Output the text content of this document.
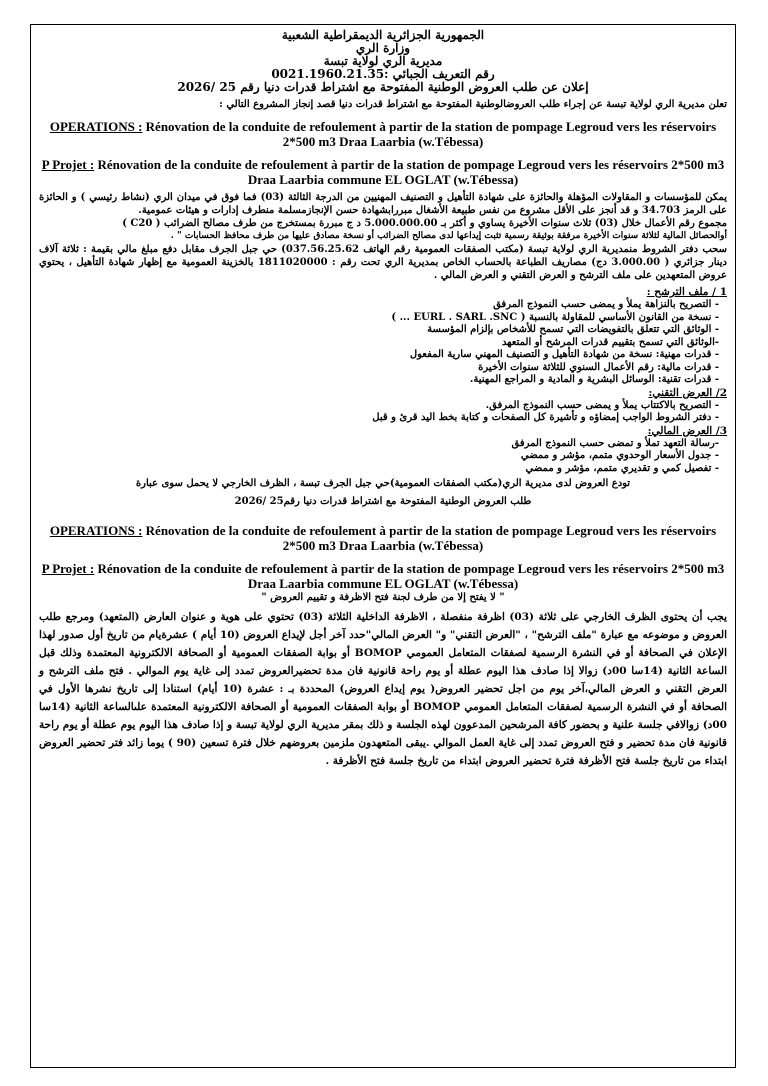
الجمهورية الجزائرية الديمقراطية الشعبية
وزارة الري
مديرية الري لولاية تبسة
رقم التعريف الجبائي :0021.1960.21.35
إعلان عن طلب العروض الوطنية المفتوحة مع اشتراط قدرات دنيا رقم 25 /2026

تعلن مديرية الري لولاية تبسة عن إجراء طلب العروضالوطنية المفتوحة مع اشتراط قدرات دنيا قصد إنجاز المشروع التالي :

OPERATIONS : Rénovation de la conduite de refoulement à partir de la station de pompage Legroud vers les réservoirs 2*500 m3 Draa Laarbia (w.Tébessa)

P Projet : Rénovation de la conduite de refoulement à partir de la station de pompage Legroud vers les réservoirs 2*500 m3 Draa Laarbia commune EL OGLAT (w.Tébessa)

يمكن للمؤسسات و المقاولات المؤهلة والحائزة على شهادة التأهيل و التصنيف المهنيين من الدرجة الثالثة (03) فما فوق في ميدان الري (نشاط رئيسي ) و الحائزة على الرمز 34.703 و قد أنجز على الأقل مشروع من نفس طبيعة الأشغال مبررابشهادة حسن الإنجازمسلمة منطرف إدارات و هيئات عمومية.

مجموع رقم الأعمال خلال (03) ثلاث سنوات الأخيرة يساوي و أكثر بـ 5.000.000.00 د ج مبررة بمستخرج من طرف مصالح الضرائب ( C20 )

أوالحصائل المالية لثلاثة سنوات الأخيرة مرفقة بوثيقة رسمية تثبت إيداعها لدى مصالح الضرائب أو نسخة مصادق عليها من طرف محافظ الحسابات " .

سحب دفتر الشروط منمديرية الري لولاية تبسة (مكتب الصفقات العمومية رقم الهاتف 037.56.25.62) حي جبل الجرف مقابل دفع مبلغ مالي بقيمة : ثلاثة آلاف دينار جزائري ( 3.000.00 دج) مصاريف الطباعة بالحساب الخاص بمديرية الري تحت رقم : 1811020000 بالخزينة العمومية مع إظهار شهادة التأهيل ، يحتوي عروض المتعهدين على ملف الترشح و العرض التقني و العرض المالي .

1 / ملف الترشح :

- التصريح بالنزاهة يملأ و يمضى حسب النموذج المرفق
- نسخة من القانون الأساسي للمقاولة بالنسبة ( EURL . SARL .SNC ... )
- الوثائق التي تتعلق بالتفويضات التي تسمح للأشخاص بإلزام المؤسسة
-الوثائق التي تسمح بتقييم قدرات المرشح أو المتعهد
- قدرات مهنية: نسخة من شهادة التأهيل و التصنيف المهني سارية المفعول
- قدرات مالية: رقم الأعمال السنوي للثلاثة سنوات الأخيرة
- قدرات تقنية: الوسائل البشرية و المادية و المراجع المهنية.

2/ العرض التقني:

- التصريح بالاكتتاب يملأ و يمضى حسب النموذج المرفق.
- دفتر الشروط الواجب إمضاؤه و تأشيرة كل الصفحات و كتابة بخط اليد قرئ و قبل

3/ العرض المالي:

-رسالة التعهد تملأ و تمضى حسب النموذج المرفق
- جدول الأسعار الوحدوي متمم، مؤشر و ممضي
- تفصيل كمي و تقديري متمم، مؤشر و ممضي

تودع العروض لدى مديرية الري(مكتب الصفقات العمومية)حي جبل الجرف تبسة ، الظرف الخارجي لا يحمل سوى عبارة

طلب العروض الوطنية المفتوحة مع اشتراط قدرات دنيا رقم25 /2026

OPERATIONS : Rénovation de la conduite de refoulement à partir de la station de pompage Legroud vers les réservoirs 2*500 m3 Draa Laarbia (w.Tébessa)

P Projet : Rénovation de la conduite de refoulement à partir de la station de pompage Legroud vers les réservoirs 2*500 m3 Draa Laarbia commune EL OGLAT (w.Tébessa)

" لا يفتح إلا من طرف لجنة فتح الاظرفة و تقييم العروض "

يجب أن يحتوى الظرف الخارجي على ثلاثة (03) اظرفة منفصلة ، الاظرفة الداخلية الثلاثة (03) تحتوي على هوية و عنوان العارض (المتعهد) ومرجع طلب العروض و موضوعه مع عبارة "ملف الترشح" ، "العرض التقني" و" العرض المالي"حدد آخر أجل لإيداع العروض (10 أيام ) عشرةيام من تاريخ أول صدور لهذا الإعلان في الصحافة أو في النشرة الرسمية لصفقات المتعامل العمومي BOMOP أو بوابة الصفقات العمومية أو الصحافة الالكترونية المعتمدة وذلك قبل الساعة الثانية (14سا 00د) زوالا إذا صادف هذا اليوم عطلة أو يوم راحة قانونية فان مدة تحضيرالعروض تمدد إلى غاية يوم الموالي . فتح ملف الترشح و العرض التقني و العرض المالي،آخر يوم من اجل تحضير العروض( يوم إيداع العروض) المحددة بـ : عشرة (10 أيام) استنادا إلى تاريخ نشرها الأول في الصحافة أو في النشرة الرسمية لصفقات المتعامل العمومي BOMOP أو بوابة الصفقات العمومية أو الصحافة الالكترونية المعتمدة علىالساعة الثانية (14سا 00د) زوالافي جلسة علنية و بحضور كافة المرشحين المدعوون لهذه الجلسة و ذلك بمقر مديرية الري لولاية تبسة و إذا صادف هذا اليوم يوم عطلة أو يوم راحة قانونية فان مدة تحضير و فتح العروض تمدد إلى غاية العمل الموالي .يبقى المتعهدون ملزمين بعروضهم خلال فترة تسعين (90 ) يوما زائد فتر تحضير العروض ابتداء من تاريخ جلسة فتح الأظرفة فترة تحضير العروض ابتداء من تاريخ جلسة فتح الأظرفة .
